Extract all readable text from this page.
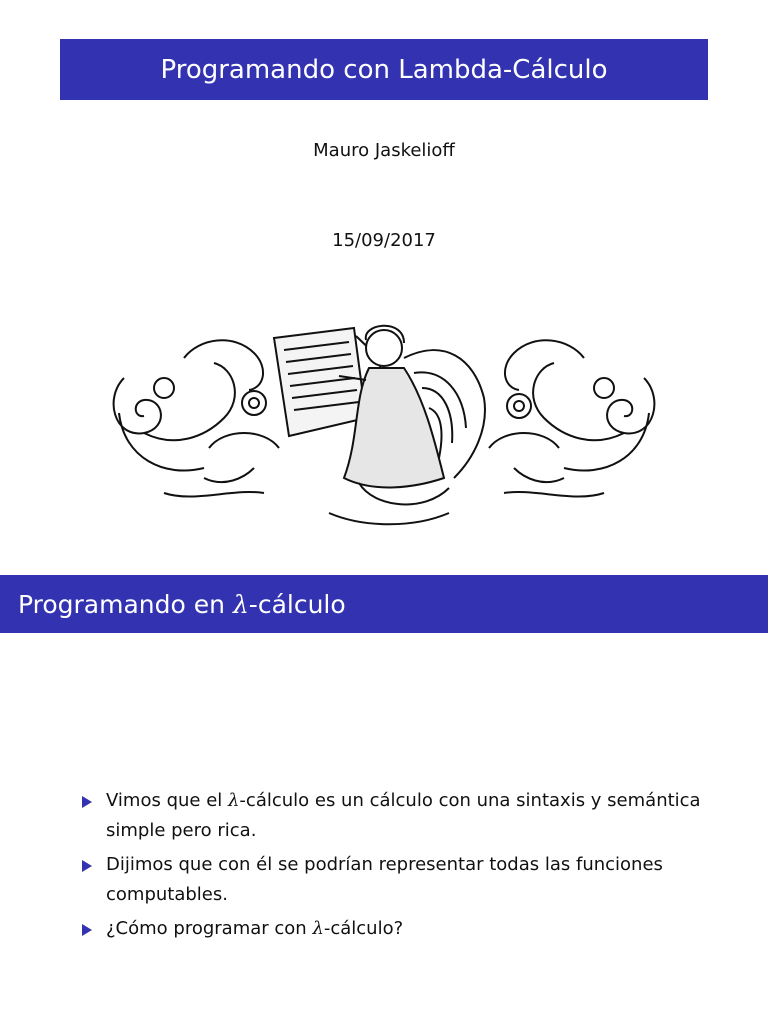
Programando con Lambda-Cálculo
Mauro Jaskelioff
15/09/2017
Programando en λ -cálculo
Vimos que el λ-cálculo es un cálculo con una sintaxis y semántica simple pero rica.
Dijimos que con él se podrían representar todas las funciones computables.
¿Cómo programar con λ-cálculo?
